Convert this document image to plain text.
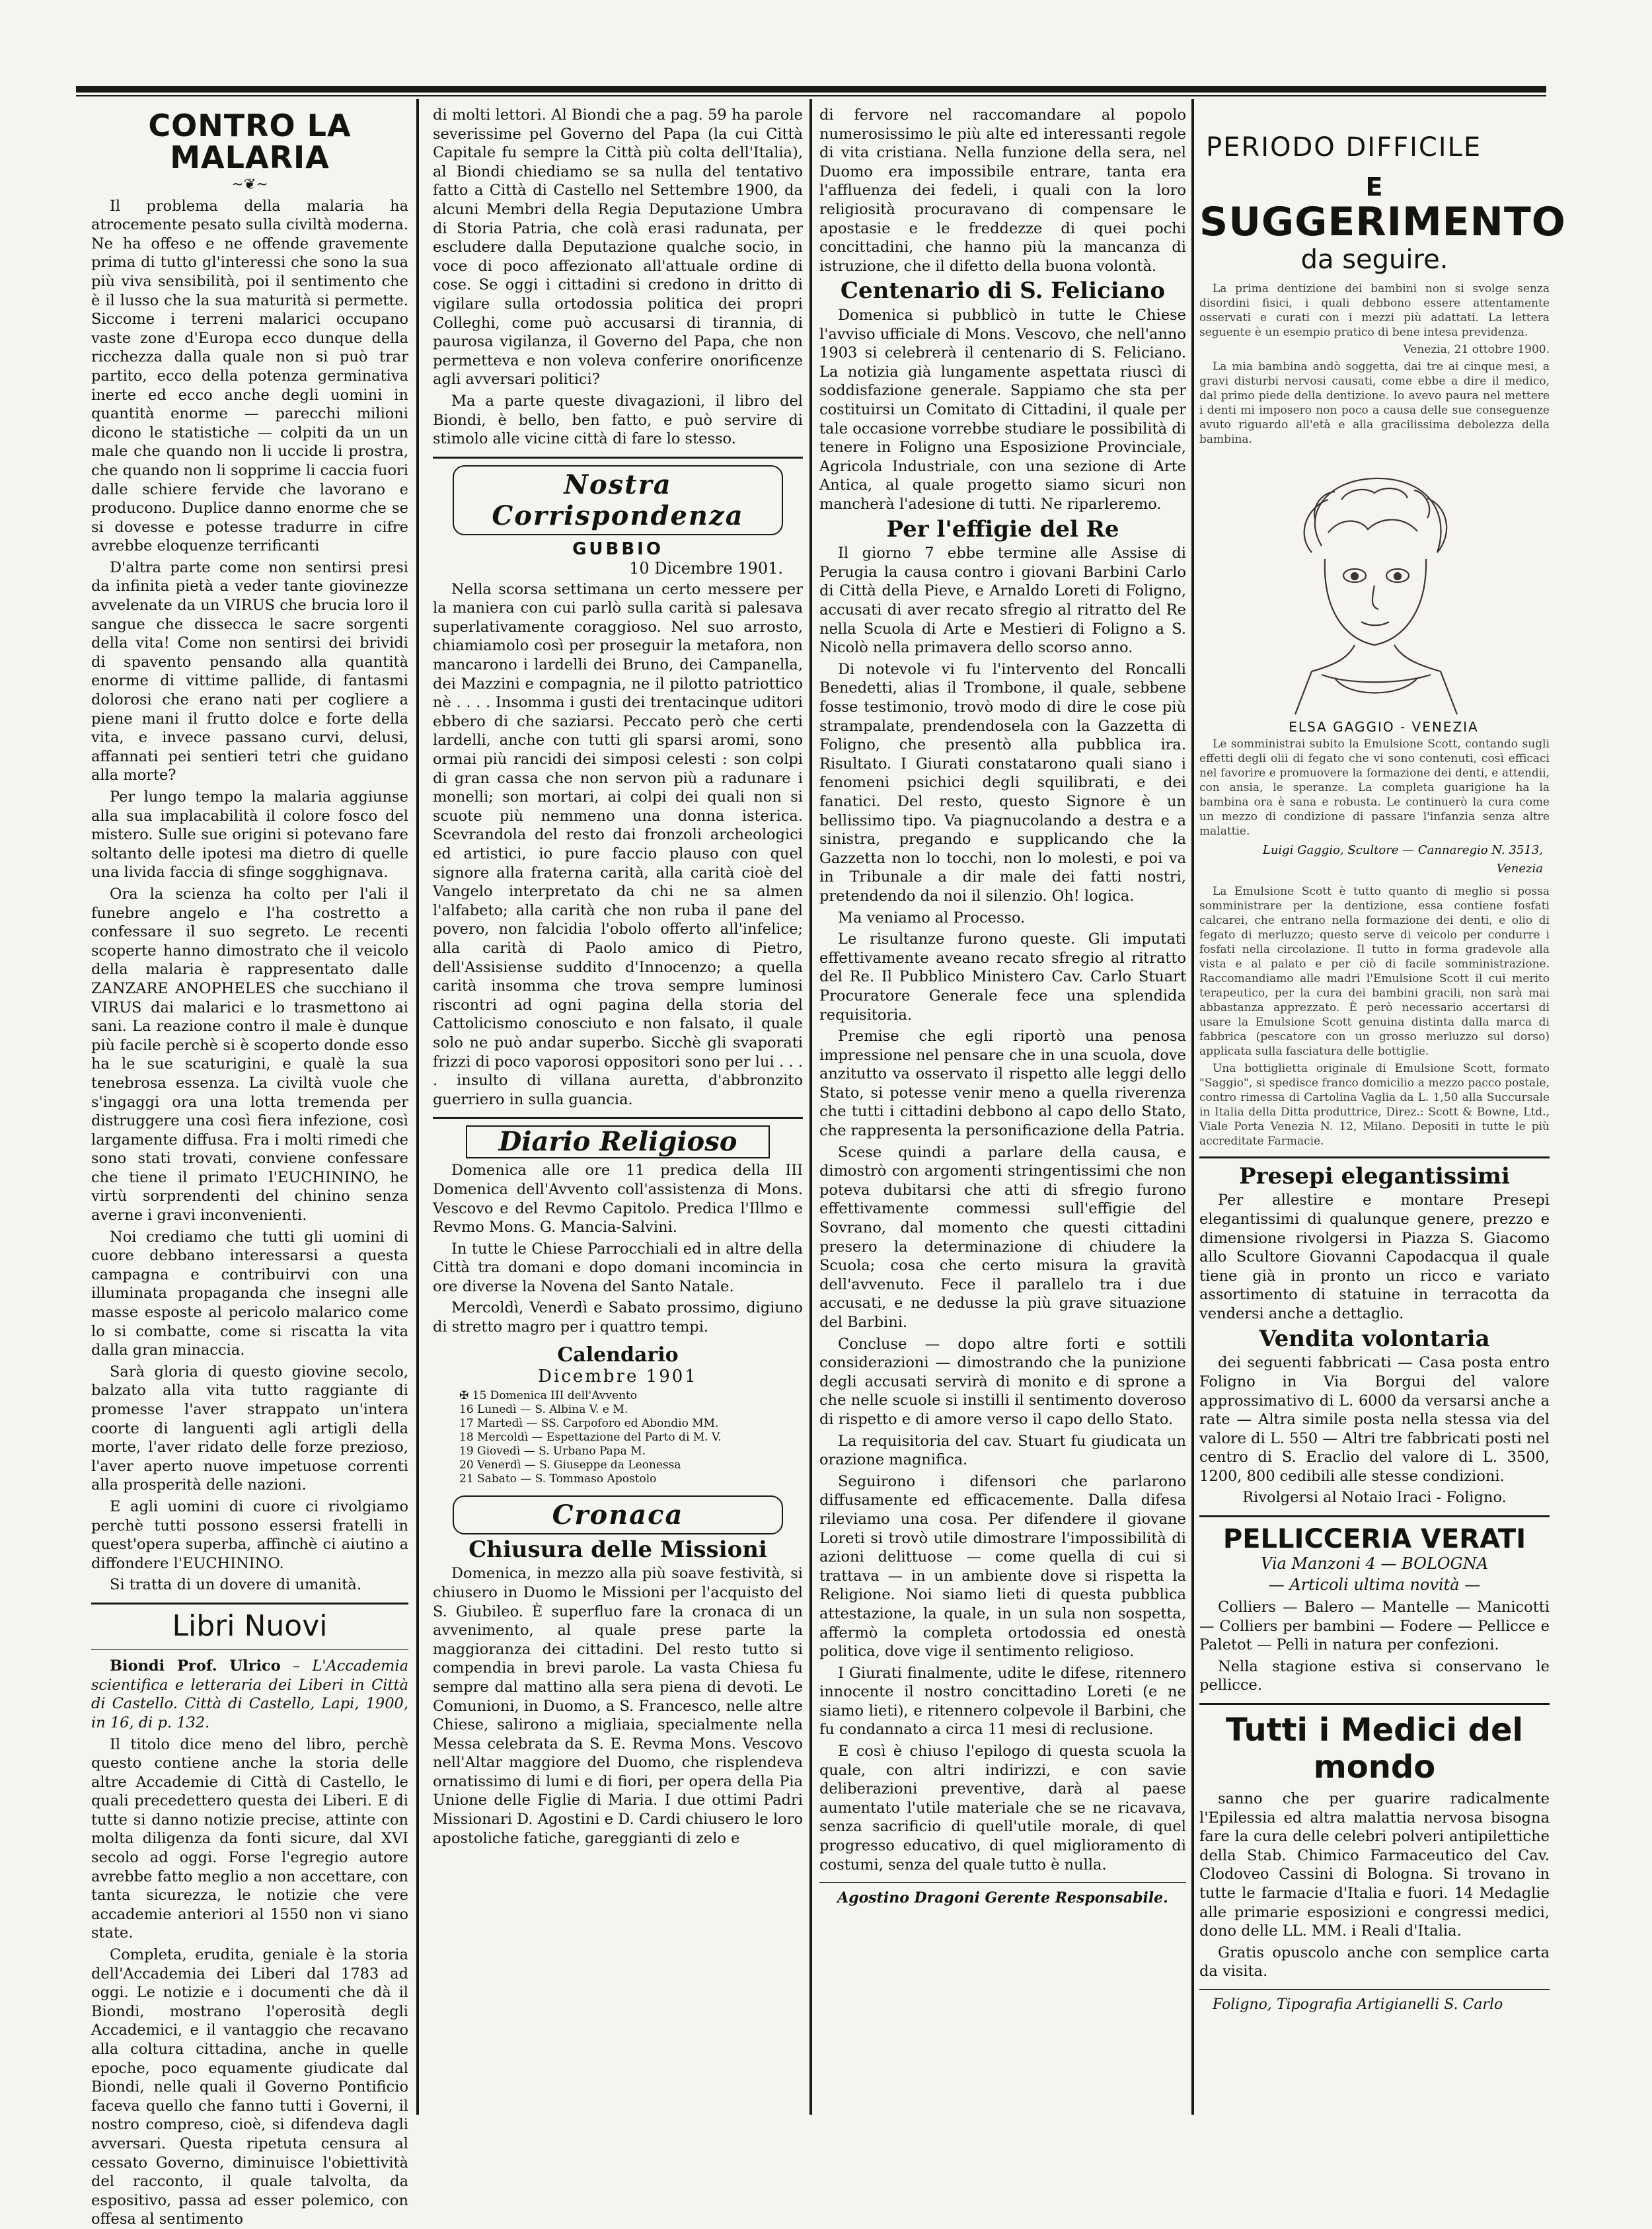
CONTRO LA MALARIA
~❦~

Il problema della malaria ha atrocemente pesato sulla civiltà moderna. Ne ha offeso e ne offende gravemente prima di tutto gl'interessi che sono la sua più viva sensibilità, poi il sentimento che è il lusso che la sua maturità si permette. Siccome i terreni malarici occupano vaste zone d'Europa ecco dunque della ricchezza dalla quale non si può trar partito, ecco della potenza germinativa inerte ed ecco anche degli uomini in quantità enorme — parecchi milioni dicono le statistiche — colpiti da un un male che quando non li uccide li prostra, che quando non li sopprime li caccia fuori dalle schiere fervide che lavorano e producono. Duplice danno enorme che se si dovesse e potesse tradurre in cifre avrebbe eloquenze terrificanti

D'altra parte come non sentirsi presi da infinita pietà a veder tante giovinezze avvelenate da un VIRUS che brucia loro il sangue che dissecca le sacre sorgenti della vita! Come non sentirsi dei brividi di spavento pensando alla quantità enorme di vittime pallide, di fantasmi dolorosi che erano nati per cogliere a piene mani il frutto dolce e forte della vita, e invece passano curvi, delusi, affannati pei sentieri tetri che guidano alla morte?

Per lungo tempo la malaria aggiunse alla sua implacabilità il colore fosco del mistero. Sulle sue origini si potevano fare soltanto delle ipotesi ma dietro di quelle una livida faccia di sfinge sogghignava.

Ora la scienza ha colto per l'ali il funebre angelo e l'ha costretto a confessare il suo segreto. Le recenti scoperte hanno dimostrato che il veicolo della malaria è rappresentato dalle ZANZARE ANOPHELES che succhiano il VIRUS dai malarici e lo trasmettono ai sani. La reazione contro il male è dunque più facile perchè si è scoperto donde esso ha le sue scaturigini, e qualè la sua tenebrosa essenza. La civiltà vuole che s'ingaggi ora una lotta tremenda per distruggere una così fiera infezione, così largamente diffusa. Fra i molti rimedi che sono stati trovati, conviene confessare che tiene il primato l'EUCHININO, he virtù sorprendenti del chinino senza averne i gravi inconvenienti.

Noi crediamo che tutti gli uomini di cuore debbano interessarsi a questa campagna e contribuirvi con una illuminata propaganda che insegni alle masse esposte al pericolo malarico come lo si combatte, come si riscatta la vita dalla gran minaccia.

Sarà gloria di questo giovine secolo, balzato alla vita tutto raggiante di promesse l'aver strappato un'intera coorte di languenti agli artigli della morte, l'aver ridato delle forze prezioso, l'aver aperto nuove impetuose correnti alla prosperità delle nazioni.

E agli uomini di cuore ci rivolgiamo perchè tutti possono essersi fratelli in quest'opera superba, affinchè ci aiutino a diffondere l'EUCHININO.

Si tratta di un dovere di umanità.

Libri Nuovi

Biondi Prof. Ulrico – L'Accademia scientifica e letteraria dei Liberi in Città di Castello. Città di Castello, Lapi, 1900, in 16, di p. 132.

Il titolo dice meno del libro, perchè questo contiene anche la storia delle altre Accademie di Città di Castello, le quali precedettero questa dei Liberi. E di tutte si danno notizie precise, attinte con molta diligenza da fonti sicure, dal XVI secolo ad oggi. Forse l'egregio autore avrebbe fatto meglio a non accettare, con tanta sicurezza, le notizie che vere accademie anteriori al 1550 non vi siano state.

Completa, erudita, geniale è la storia dell'Accademia dei Liberi dal 1783 ad oggi. Le notizie e i documenti che dà il Biondi, mostrano l'operosità degli Accademici, e il vantaggio che recavano alla coltura cittadina, anche in quelle epoche, poco equamente giudicate dal Biondi, nelle quali il Governo Pontificio faceva quello che fanno tutti i Governi, il nostro compreso, cioè, si difendeva dagli avversari. Questa ripetuta censura al cessato Governo, diminuisce l'obiettività del racconto, il quale talvolta, da espositivo, passa ad esser polemico, con offesa al sentimento

di molti lettori. Al Biondi che a pag. 59 ha parole severissime pel Governo del Papa (la cui Città Capitale fu sempre la Città più colta dell'Italia), al Biondi chiediamo se sa nulla del tentativo fatto a Città di Castello nel Settembre 1900, da alcuni Membri della Regia Deputazione Umbra di Storia Patria, che colà erasi radunata, per escludere dalla Deputazione qualche socio, in voce di poco affezionato all'attuale ordine di cose. Se oggi i cittadini si credono in dritto di vigilare sulla ortodossia politica dei propri Colleghi, come può accusarsi di tirannia, di paurosa vigilanza, il Governo del Papa, che non permetteva e non voleva conferire onorificenze agli avversari politici?

Ma a parte queste divagazioni, il libro del Biondi, è bello, ben fatto, e può servire di stimolo alle vicine città di fare lo stesso.

Nostra Corrispondenza
GUBBIO
10 Dicembre 1901.

Nella scorsa settimana un certo messere per la maniera con cui parlò sulla carità si palesava superlativamente coraggioso. Nel suo arrosto, chiamiamolo così per proseguir la metafora, non mancarono i lardelli dei Bruno, dei Campanella, dei Mazzini e compagnia, ne il pilotto patriottico nè . . . . Insomma i gusti dei trentacinque uditori ebbero di che saziarsi. Peccato però che certi lardelli, anche con tutti gli sparsi aromi, sono ormai più rancidi dei simposi celesti : son colpi di gran cassa che non servon più a radunare i monelli; son mortari, ai colpi dei quali non si scuote più nemmeno una donna isterica. Scevrandola del resto dai fronzoli archeologici ed artistici, io pure faccio plauso con quel signore alla fraterna carità, alla carità cioè del Vangelo interpretato da chi ne sa almen l'alfabeto; alla carità che non ruba il pane del povero, non falcidia l'obolo offerto all'infelice; alla carità di Paolo amico di Pietro, dell'Assisiense suddito d'Innocenzo; a quella carità insomma che trova sempre luminosi riscontri ad ogni pagina della storia del Cattolicismo conosciuto e non falsato, il quale solo ne può andar superbo. Sicchè gli svaporati frizzi di poco vaporosi oppositori sono per lui . . . . insulto di villana auretta, d'abbronzito guerriero in sulla guancia.

Diario Religioso

Domenica alle ore 11 predica della III Domenica dell'Avvento coll'assistenza di Mons. Vescovo e del Revmo Capitolo. Predica l'Illmo e Revmo Mons. G. Mancia-Salvini.

In tutte le Chiese Parrocchiali ed in altre della Città tra domani e dopo domani incomincia in ore diverse la Novena del Santo Natale.

Mercoldì, Venerdì e Sabato prossimo, digiuno di stretto magro per i quattro tempi.

Calendario
Dicembre 1901
✠ 15 Domenica III dell'Avvento
16 Lunedì — S. Albina V. e M.
17 Martedì — SS. Carpoforo ed Abondio MM.
18 Mercoldì — Espettazione del Parto di M. V.
19 Giovedì — S. Urbano Papa M.
20 Venerdì — S. Giuseppe da Leonessa
21 Sabato — S. Tommaso Apostolo
Cronaca
Chiusura delle Missioni

Domenica, in mezzo alla più soave festività, si chiusero in Duomo le Missioni per l'acquisto del S. Giubileo. È superfluo fare la cronaca di un avvenimento, al quale prese parte la maggioranza dei cittadini. Del resto tutto si compendia in brevi parole. La vasta Chiesa fu sempre dal mattino alla sera piena di devoti. Le Comunioni, in Duomo, a S. Francesco, nelle altre Chiese, salirono a migliaia, specialmente nella Messa celebrata da S. E. Revma Mons. Vescovo nell'Altar maggiore del Duomo, che risplendeva ornatissimo di lumi e di fiori, per opera della Pia Unione delle Figlie di Maria. I due ottimi Padri Missionari D. Agostini e D. Cardi chiusero le loro apostoliche fatiche, gareggianti di zelo e

di fervore nel raccomandare al popolo numerosissimo le più alte ed interessanti regole di vita cristiana. Nella funzione della sera, nel Duomo era impossibile entrare, tanta era l'affluenza dei fedeli, i quali con la loro religiosità procuravano di compensare le apostasie e le freddezze di quei pochi concittadini, che hanno più la mancanza di istruzione, che il difetto della buona volontà.

Centenario di S. Feliciano

Domenica si pubblicò in tutte le Chiese l'avviso ufficiale di Mons. Vescovo, che nell'anno 1903 si celebrerà il centenario di S. Feliciano. La notizia già lungamente aspettata riuscì di soddisfazione generale. Sappiamo che sta per costituirsi un Comitato di Cittadini, il quale per tale occasione vorrebbe studiare le possibilità di tenere in Foligno una Esposizione Provinciale, Agricola Industriale, con una sezione di Arte Antica, al quale progetto siamo sicuri non mancherà l'adesione di tutti. Ne riparleremo.

Per l'effigie del Re

Il giorno 7 ebbe termine alle Assise di Perugia la causa contro i giovani Barbini Carlo di Città della Pieve, e Arnaldo Loreti di Foligno, accusati di aver recato sfregio al ritratto del Re nella Scuola di Arte e Mestieri di Foligno a S. Nicolò nella primavera dello scorso anno.

Di notevole vi fu l'intervento del Roncalli Benedetti, alias il Trombone, il quale, sebbene fosse testimonio, trovò modo di dire le cose più strampalate, prendendosela con la Gazzetta di Foligno, che presentò alla pubblica ira. Risultato. I Giurati constatarono quali siano i fenomeni psichici degli squilibrati, e dei fanatici. Del resto, questo Signore è un bellissimo tipo. Va piagnucolando a destra e a sinistra, pregando e supplicando che la Gazzetta non lo tocchi, non lo molesti, e poi va in Tribunale a dir male dei fatti nostri, pretendendo da noi il silenzio. Oh! logica.

Ma veniamo al Processo.

Le risultanze furono queste. Gli imputati effettivamente aveano recato sfregio al ritratto del Re. Il Pubblico Ministero Cav. Carlo Stuart Procuratore Generale fece una splendida requisitoria.

Premise che egli riportò una penosa impressione nel pensare che in una scuola, dove anzitutto va osservato il rispetto alle leggi dello Stato, si potesse venir meno a quella riverenza che tutti i cittadini debbono al capo dello Stato, che rappresenta la personificazione della Patria.

Scese quindi a parlare della causa, e dimostrò con argomenti stringentissimi che non poteva dubitarsi che atti di sfregio furono effettivamente commessi sull'effigie del Sovrano, dal momento che questi cittadini presero la determinazione di chiudere la Scuola; cosa che certo misura la gravità dell'avvenuto. Fece il parallelo tra i due accusati, e ne dedusse la più grave situazione del Barbini.

Concluse — dopo altre forti e sottili considerazioni — dimostrando che la punizione degli accusati servirà di monito e di sprone a che nelle scuole si instilli il sentimento doveroso di rispetto e di amore verso il capo dello Stato.

La requisitoria del cav. Stuart fu giudicata un orazione magnifica.

Seguirono i difensori che parlarono diffusamente ed efficacemente. Dalla difesa rileviamo una cosa. Per difendere il giovane Loreti si trovò utile dimostrare l'impossibilità di azioni delittuose — come quella di cui si trattava — in un ambiente dove si rispetta la Religione. Noi siamo lieti di questa pubblica attestazione, la quale, in un sula non sospetta, affermò la completa ortodossia ed onestà politica, dove vige il sentimento religioso.

I Giurati finalmente, udite le difese, ritennero innocente il nostro concittadino Loreti (e ne siamo lieti), e ritennero colpevole il Barbini, che fu condannato a circa 11 mesi di reclusione.

E così è chiuso l'epilogo di questa scuola la quale, con altri indirizzi, e con savie deliberazioni preventive, darà al paese aumentato l'utile materiale che se ne ricavava, senza sacrificio di quell'utile morale, di quel progresso educativo, di quel miglioramento di costumi, senza del quale tutto è nulla.

Agostino Dragoni Gerente Responsabile.
PERIODO DIFFICILE
E SUGGERIMENTO
da seguire.

La prima dentizione dei bambini non si svolge senza disordini fisici, i quali debbono essere attentamente osservati e curati con i mezzi più adattati. La lettera seguente è un esempio pratico di bene intesa previdenza.

Venezia, 21 ottobre 1900.

La mia bambina andò soggetta, dai tre ai cinque mesi, a gravi disturbi nervosi causati, come ebbe a dire il medico, dal primo piede della dentizione. Io avevo paura nel mettere i denti mi imposero non poco a causa delle sue conseguenze avuto riguardo all'età e alla gracilissima debolezza della bambina.

ELSA GAGGIO - VENEZIA

Le somministrai subito la Emulsione Scott, contando sugli effetti degli olii di fegato che vi sono contenuti, così efficaci nel favorire e promuovere la formazione dei denti, e attendii, con ansia, le speranze. La completa guarigione ha la bambina ora è sana e robusta. Le continuerò la cura come un mezzo di condizione di passare l'infanzia senza altre malattie.

Luigi Gaggio, Scultore — Cannaregio N. 3513, Venezia

La Emulsione Scott è tutto quanto di meglio si possa somministrare per la dentizione, essa contiene fosfati calcarei, che entrano nella formazione dei denti, e olio di fegato di merluzzo; questo serve di veicolo per condurre i fosfati nella circolazione. Il tutto in forma gradevole alla vista e al palato e per ciò di facile somministrazione. Raccomandiamo alle madri l'Emulsione Scott il cui merito terapeutico, per la cura dei bambini gracili, non sarà mai abbastanza apprezzato. È però necessario accertarsi di usare la Emulsione Scott genuina distinta dalla marca di fabbrica (pescatore con un grosso merluzzo sul dorso) applicata sulla fasciatura delle bottiglie.

Una bottiglietta originale di Emulsione Scott, formato "Saggio", si spedisce franco domicilio a mezzo pacco postale, contro rimessa di Cartolina Vaglia da L. 1,50 alla Succursale in Italia della Ditta produttrice, Direz.: Scott & Bowne, Ltd., Viale Porta Venezia N. 12, Milano. Depositi in tutte le più accreditate Farmacie.

Presepi elegantissimi

Per allestire e montare Presepi elegantissimi di qualunque genere, prezzo e dimensione rivolgersi in Piazza S. Giacomo allo Scultore Giovanni Capodacqua il quale tiene già in pronto un ricco e variato assortimento di statuine in terracotta da vendersi anche a dettaglio.

Vendita volontaria

dei seguenti fabbricati — Casa posta entro Foligno in Via Borgui del valore approssimativo di L. 6000 da versarsi anche a rate — Altra simile posta nella stessa via del valore di L. 550 — Altri tre fabbricati posti nel centro di S. Eraclio del valore di L. 3500, 1200, 800 cedibili alle stesse condizioni.

Rivolgersi al Notaio Iraci - Foligno.

PELLICCERIA VERATI
Via Manzoni 4 — BOLOGNA
— Articoli ultima novità —

Colliers — Balero — Mantelle — Manicotti — Colliers per bambini — Fodere — Pellicce e Paletot — Pelli in natura per confezioni.

Nella stagione estiva si conservano le pellicce.

Tutti i Medici del mondo

sanno che per guarire radicalmente l'Epilessia ed altra malattia nervosa bisogna fare la cura delle celebri polveri antipilettiche della Stab. Chimico Farmaceutico del Cav. Clodoveo Cassini di Bologna. Si trovano in tutte le farmacie d'Italia e fuori. 14 Medaglie alle primarie esposizioni e congressi medici, dono delle LL. MM. i Reali d'Italia.

Gratis opuscolo anche con semplice carta da visita.

Foligno, Tipografia Artigianelli S. Carlo
